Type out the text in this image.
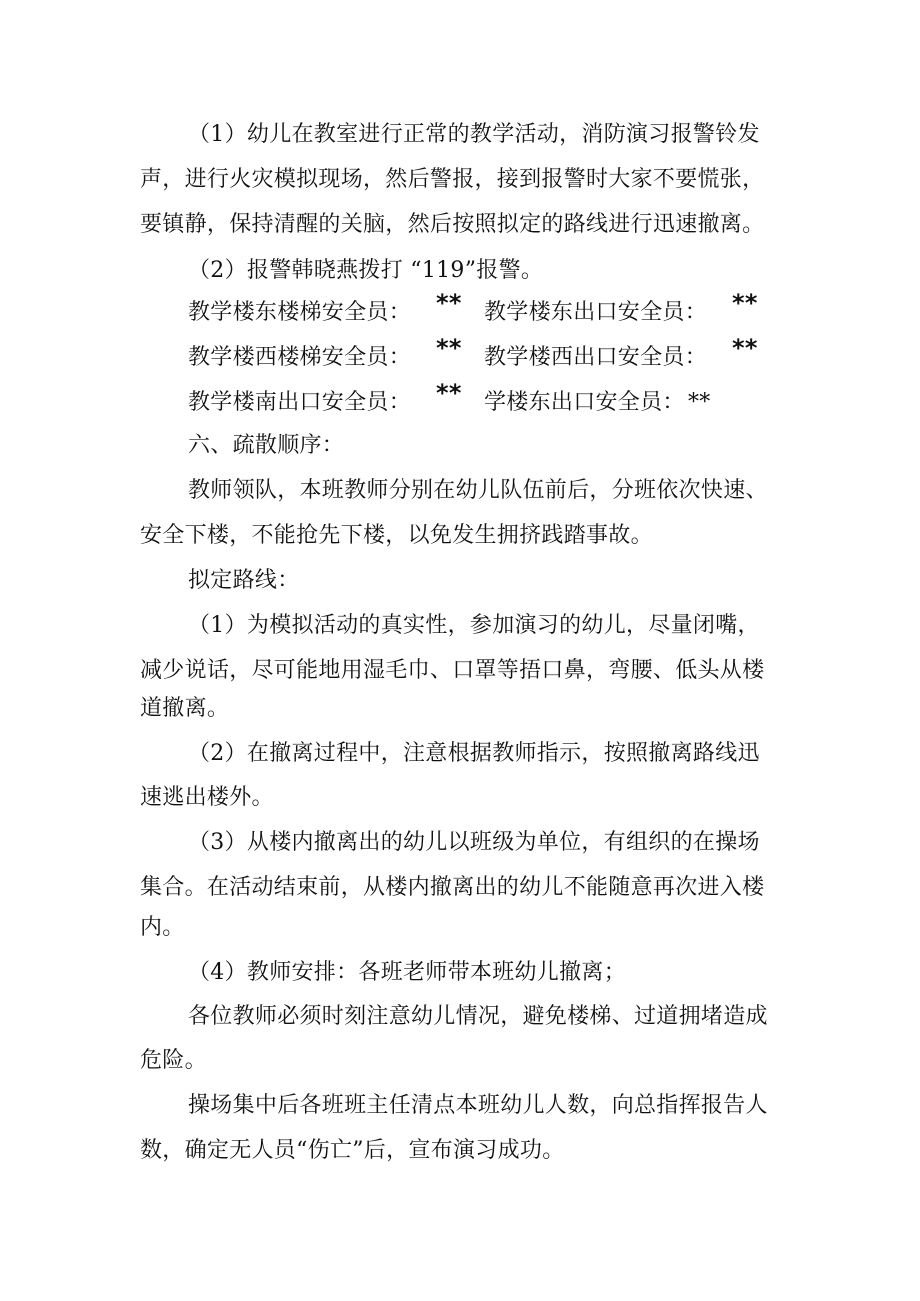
（1）幼儿在教室进行正常的教学活动，消防演习报警铃发

声，进行火灾模拟现场，然后警报，接到报警时大家不要慌张，

要镇静，保持清醒的关脑，然后按照拟定的路线进行迅速撤离。

（2）报警韩晓燕拨打 “119”报警。

教学楼东楼梯安全员： ** 教学楼东出口安全员： **

教学楼西楼梯安全员： ** 教学楼西出口安全员： **

教学楼南出口安全员： ** 学楼东出口安全员： **

六、疏散顺序：

教师领队，本班教师分别在幼儿队伍前后，分班依次快速、

安全下楼，不能抢先下楼，以免发生拥挤践踏事故。

拟定路线：

（1）为模拟活动的真实性，参加演习的幼儿，尽量闭嘴，

减少说话，尽可能地用湿毛巾、口罩等捂口鼻，弯腰、低头从楼

道撤离。

（2）在撤离过程中，注意根据教师指示，按照撤离路线迅

速逃出楼外。

（3）从楼内撤离出的幼儿以班级为单位，有组织的在操场

集合。在活动结束前，从楼内撤离出的幼儿不能随意再次进入楼

内。

（4）教师安排：各班老师带本班幼儿撤离；

各位教师必须时刻注意幼儿情况，避免楼梯、过道拥堵造成

危险。

操场集中后各班班主任清点本班幼儿人数，向总指挥报告人

数，确定无人员“伤亡”后，宣布演习成功。
